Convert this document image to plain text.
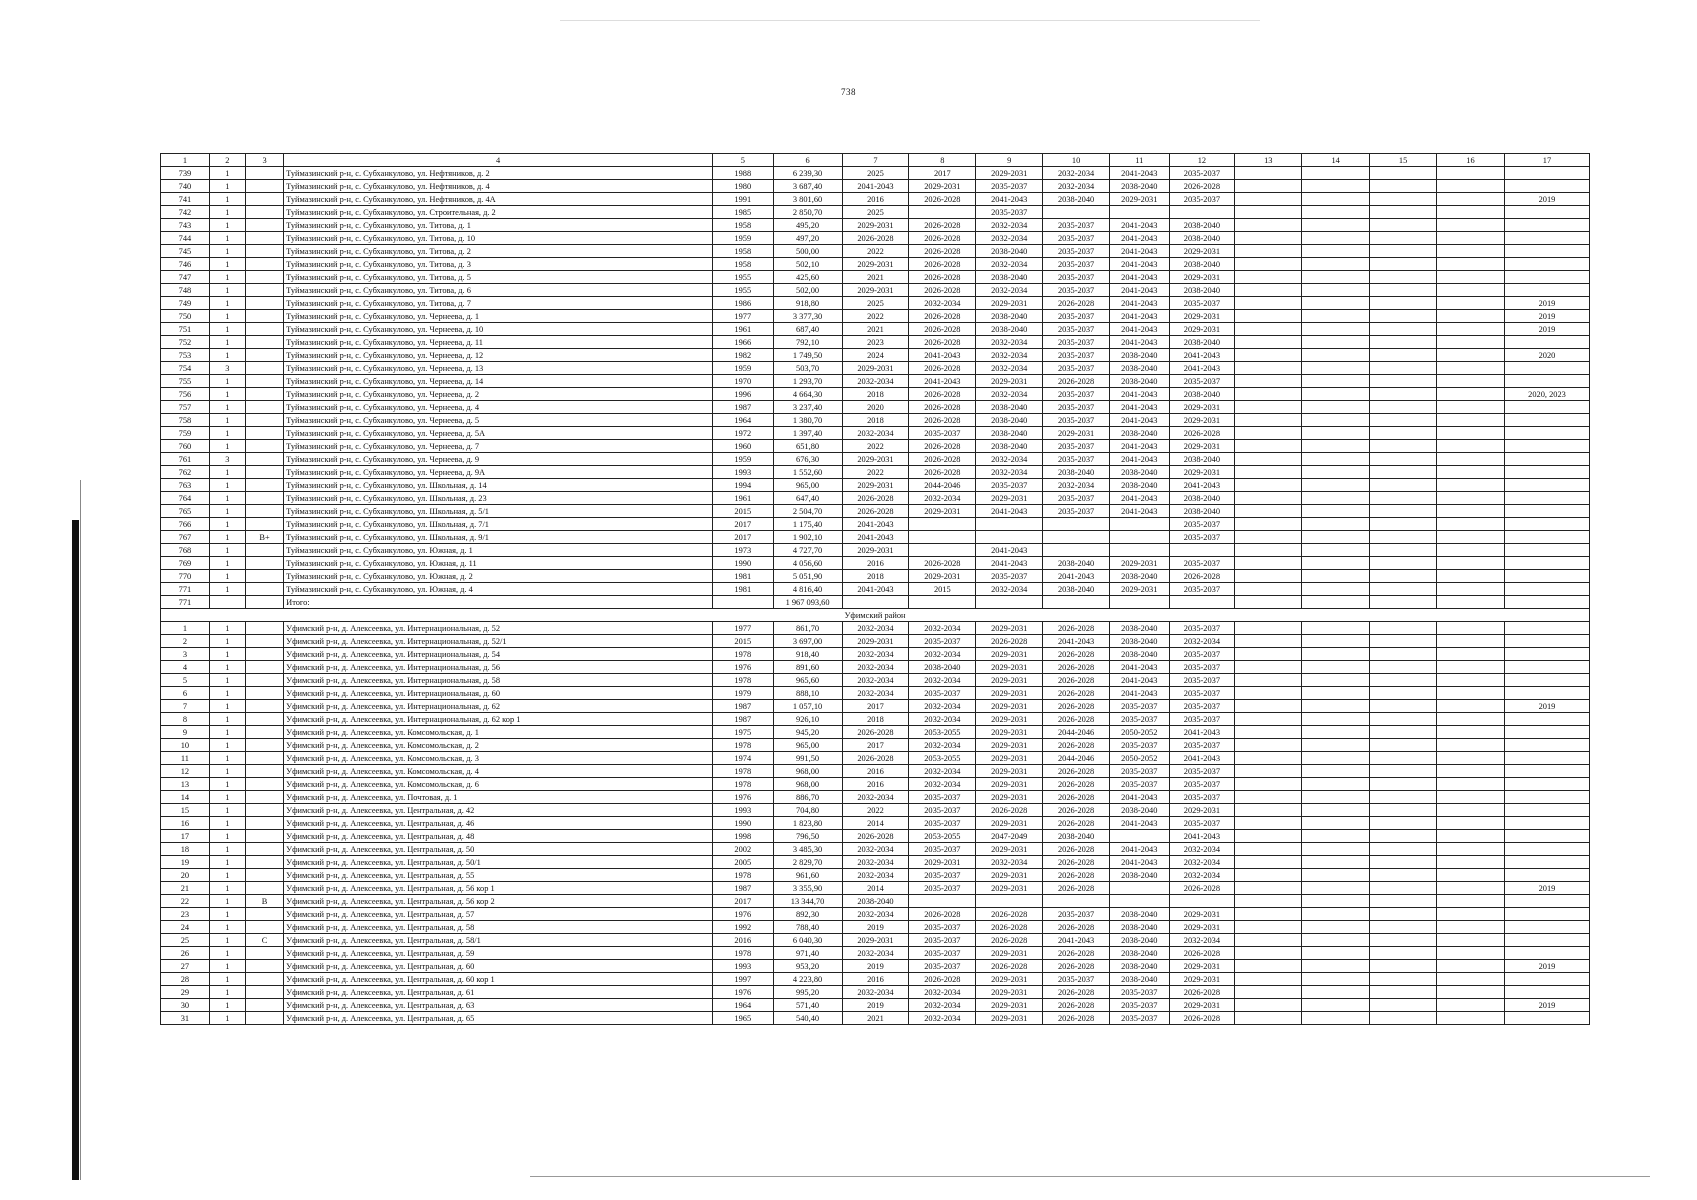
738
1	2	3	4	5	6	7	8	9	10	11	12	13	14	15	16	17
739	1		Туймазинский р-н, с. Субханкулово, ул. Нефтяников, д. 2	1988	6 239,30	2025	2017	2029-2031	2032-2034	2041-2043	2035-2037					
740	1		Туймазинский р-н, с. Субханкулово, ул. Нефтяников, д. 4	1980	3 687,40	2041-2043	2029-2031	2035-2037	2032-2034	2038-2040	2026-2028					
741	1		Туймазинский р-н, с. Субханкулово, ул. Нефтяников, д. 4А	1991	3 801,60	2016	2026-2028	2041-2043	2038-2040	2029-2031	2035-2037					2019
742	1		Туймазинский р-н, с. Субханкулово, ул. Строительная, д. 2	1985	2 850,70	2025		2035-2037								
743	1		Туймазинский р-н, с. Субханкулово, ул. Титова, д. 1	1958	495,20	2029-2031	2026-2028	2032-2034	2035-2037	2041-2043	2038-2040					
744	1		Туймазинский р-н, с. Субханкулово, ул. Титова, д. 10	1959	497,20	2026-2028	2026-2028	2032-2034	2035-2037	2041-2043	2038-2040					
745	1		Туймазинский р-н, с. Субханкулово, ул. Титова, д. 2	1958	500,00	2022	2026-2028	2038-2040	2035-2037	2041-2043	2029-2031					
746	1		Туймазинский р-н, с. Субханкулово, ул. Титова, д. 3	1958	502,10	2029-2031	2026-2028	2032-2034	2035-2037	2041-2043	2038-2040					
747	1		Туймазинский р-н, с. Субханкулово, ул. Титова, д. 5	1955	425,60	2021	2026-2028	2038-2040	2035-2037	2041-2043	2029-2031					
748	1		Туймазинский р-н, с. Субханкулово, ул. Титова, д. 6	1955	502,00	2029-2031	2026-2028	2032-2034	2035-2037	2041-2043	2038-2040					
749	1		Туймазинский р-н, с. Субханкулово, ул. Титова, д. 7	1986	918,80	2025	2032-2034	2029-2031	2026-2028	2041-2043	2035-2037					2019
750	1		Туймазинский р-н, с. Субханкулово, ул. Чернеева, д. 1	1977	3 377,30	2022	2026-2028	2038-2040	2035-2037	2041-2043	2029-2031					2019
751	1		Туймазинский р-н, с. Субханкулово, ул. Чернеева, д. 10	1961	687,40	2021	2026-2028	2038-2040	2035-2037	2041-2043	2029-2031					2019
752	1		Туймазинский р-н, с. Субханкулово, ул. Чернеева, д. 11	1966	792,10	2023	2026-2028	2032-2034	2035-2037	2041-2043	2038-2040					
753	1		Туймазинский р-н, с. Субханкулово, ул. Чернеева, д. 12	1982	1 749,50	2024	2041-2043	2032-2034	2035-2037	2038-2040	2041-2043					2020
754	3		Туймазинский р-н, с. Субханкулово, ул. Чернеева, д. 13	1959	503,70	2029-2031	2026-2028	2032-2034	2035-2037	2038-2040	2041-2043					
755	1		Туймазинский р-н, с. Субханкулово, ул. Чернеева, д. 14	1970	1 293,70	2032-2034	2041-2043	2029-2031	2026-2028	2038-2040	2035-2037					
756	1		Туймазинский р-н, с. Субханкулово, ул. Чернеева, д. 2	1996	4 664,30	2018	2026-2028	2032-2034	2035-2037	2041-2043	2038-2040					2020, 2023
757	1		Туймазинский р-н, с. Субханкулово, ул. Чернеева, д. 4	1987	3 237,40	2020	2026-2028	2038-2040	2035-2037	2041-2043	2029-2031					
758	1		Туймазинский р-н, с. Субханкулово, ул. Чернеева, д. 5	1964	1 380,70	2018	2026-2028	2038-2040	2035-2037	2041-2043	2029-2031					
759	1		Туймазинский р-н, с. Субханкулово, ул. Чернеева, д. 5А	1972	1 397,40	2032-2034	2035-2037	2038-2040	2029-2031	2038-2040	2026-2028					
760	1		Туймазинский р-н, с. Субханкулово, ул. Чернеева, д. 7	1960	651,80	2022	2026-2028	2038-2040	2035-2037	2041-2043	2029-2031					
761	3		Туймазинский р-н, с. Субханкулово, ул. Чернеева, д. 9	1959	676,30	2029-2031	2026-2028	2032-2034	2035-2037	2041-2043	2038-2040					
762	1		Туймазинский р-н, с. Субханкулово, ул. Чернеева, д. 9А	1993	1 552,60	2022	2026-2028	2032-2034	2038-2040	2038-2040	2029-2031					
763	1		Туймазинский р-н, с. Субханкулово, ул. Школьная, д. 14	1994	965,00	2029-2031	2044-2046	2035-2037	2032-2034	2038-2040	2041-2043					
764	1		Туймазинский р-н, с. Субханкулово, ул. Школьная, д. 23	1961	647,40	2026-2028	2032-2034	2029-2031	2035-2037	2041-2043	2038-2040					
765	1		Туймазинский р-н, с. Субханкулово, ул. Школьная, д. 5/1	2015	2 504,70	2026-2028	2029-2031	2041-2043	2035-2037	2041-2043	2038-2040					
766	1		Туймазинский р-н, с. Субханкулово, ул. Школьная, д. 7/1	2017	1 175,40	2041-2043					2035-2037					
767	1	В+	Туймазинский р-н, с. Субханкулово, ул. Школьная, д. 9/1	2017	1 902,10	2041-2043					2035-2037					
768	1		Туймазинский р-н, с. Субханкулово, ул. Южная, д. 1	1973	4 727,70	2029-2031		2041-2043								
769	1		Туймазинский р-н, с. Субханкулово, ул. Южная, д. 11	1990	4 056,60	2016	2026-2028	2041-2043	2038-2040	2029-2031	2035-2037					
770	1		Туймазинский р-н, с. Субханкулово, ул. Южная, д. 2	1981	5 051,90	2018	2029-2031	2035-2037	2041-2043	2038-2040	2026-2028					
771	1		Туймазинский р-н, с. Субханкулово, ул. Южная, д. 4	1981	4 816,40	2041-2043	2015	2032-2034	2038-2040	2029-2031	2035-2037					
771			Итого:		1 967 093,60											
Уфимский район																
1	1		Уфимский р-н, д. Алексеевка, ул. Интернациональная, д. 52	1977	861,70	2032-2034	2032-2034	2029-2031	2026-2028	2038-2040	2035-2037					
2	1		Уфимский р-н, д. Алексеевка, ул. Интернациональная, д. 52/1	2015	3 697,00	2029-2031	2035-2037	2026-2028	2041-2043	2038-2040	2032-2034					
3	1		Уфимский р-н, д. Алексеевка, ул. Интернациональная, д. 54	1978	918,40	2032-2034	2032-2034	2029-2031	2026-2028	2038-2040	2035-2037					
4	1		Уфимский р-н, д. Алексеевка, ул. Интернациональная, д. 56	1976	891,60	2032-2034	2038-2040	2029-2031	2026-2028	2041-2043	2035-2037					
5	1		Уфимский р-н, д. Алексеевка, ул. Интернациональная, д. 58	1978	965,60	2032-2034	2032-2034	2029-2031	2026-2028	2041-2043	2035-2037					
6	1		Уфимский р-н, д. Алексеевка, ул. Интернациональная, д. 60	1979	888,10	2032-2034	2035-2037	2029-2031	2026-2028	2041-2043	2035-2037					
7	1		Уфимский р-н, д. Алексеевка, ул. Интернациональная, д. 62	1987	1 057,10	2017	2032-2034	2029-2031	2026-2028	2035-2037	2035-2037					2019
8	1		Уфимский р-н, д. Алексеевка, ул. Интернациональная, д. 62 кор 1	1987	926,10	2018	2032-2034	2029-2031	2026-2028	2035-2037	2035-2037					
9	1		Уфимский р-н, д. Алексеевка, ул. Комсомольская, д. 1	1975	945,20	2026-2028	2053-2055	2029-2031	2044-2046	2050-2052	2041-2043					
10	1		Уфимский р-н, д. Алексеевка, ул. Комсомольская, д. 2	1978	965,00	2017	2032-2034	2029-2031	2026-2028	2035-2037	2035-2037					
11	1		Уфимский р-н, д. Алексеевка, ул. Комсомольская, д. 3	1974	991,50	2026-2028	2053-2055	2029-2031	2044-2046	2050-2052	2041-2043					
12	1		Уфимский р-н, д. Алексеевка, ул. Комсомольская, д. 4	1978	968,00	2016	2032-2034	2029-2031	2026-2028	2035-2037	2035-2037					
13	1		Уфимский р-н, д. Алексеевка, ул. Комсомольская, д. 6	1978	968,00	2016	2032-2034	2029-2031	2026-2028	2035-2037	2035-2037					
14	1		Уфимский р-н, д. Алексеевка, ул. Почтовая, д. 1	1976	886,70	2032-2034	2035-2037	2029-2031	2026-2028	2041-2043	2035-2037					
15	1		Уфимский р-н, д. Алексеевка, ул. Центральная, д. 42	1993	704,80	2022	2035-2037	2026-2028	2026-2028	2038-2040	2029-2031					
16	1		Уфимский р-н, д. Алексеевка, ул. Центральная, д. 46	1990	1 823,80	2014	2035-2037	2029-2031	2026-2028	2041-2043	2035-2037					
17	1		Уфимский р-н, д. Алексеевка, ул. Центральная, д. 48	1998	796,50	2026-2028	2053-2055	2047-2049	2038-2040		2041-2043					
18	1		Уфимский р-н, д. Алексеевка, ул. Центральная, д. 50	2002	3 485,30	2032-2034	2035-2037	2029-2031	2026-2028	2041-2043	2032-2034					
19	1		Уфимский р-н, д. Алексеевка, ул. Центральная, д. 50/1	2005	2 829,70	2032-2034	2029-2031	2032-2034	2026-2028	2041-2043	2032-2034					
20	1		Уфимский р-н, д. Алексеевка, ул. Центральная, д. 55	1978	961,60	2032-2034	2035-2037	2029-2031	2026-2028	2038-2040	2032-2034					
21	1		Уфимский р-н, д. Алексеевка, ул. Центральная, д. 56 кор 1	1987	3 355,90	2014	2035-2037	2029-2031	2026-2028		2026-2028					2019
22	1	В	Уфимский р-н, д. Алексеевка, ул. Центральная, д. 56 кор 2	2017	13 344,70	2038-2040										
23	1		Уфимский р-н, д. Алексеевка, ул. Центральная, д. 57	1976	892,30	2032-2034	2026-2028	2026-2028	2035-2037	2038-2040	2029-2031					
24	1		Уфимский р-н, д. Алексеевка, ул. Центральная, д. 58	1992	788,40	2019	2035-2037	2026-2028	2026-2028	2038-2040	2029-2031					
25	1	С	Уфимский р-н, д. Алексеевка, ул. Центральная, д. 58/1	2016	6 040,30	2029-2031	2035-2037	2026-2028	2041-2043	2038-2040	2032-2034					
26	1		Уфимский р-н, д. Алексеевка, ул. Центральная, д. 59	1978	971,40	2032-2034	2035-2037	2029-2031	2026-2028	2038-2040	2026-2028					
27	1		Уфимский р-н, д. Алексеевка, ул. Центральная, д. 60	1993	953,20	2019	2035-2037	2026-2028	2026-2028	2038-2040	2029-2031					2019
28	1		Уфимский р-н, д. Алексеевка, ул. Центральная, д. 60 кор 1	1997	4 223,80	2016	2026-2028	2029-2031	2035-2037	2038-2040	2029-2031					
29	1		Уфимский р-н, д. Алексеевка, ул. Центральная, д. 61	1976	995,20	2032-2034	2032-2034	2029-2031	2026-2028	2035-2037	2026-2028					
30	1		Уфимский р-н, д. Алексеевка, ул. Центральная, д. 63	1964	571,40	2019	2032-2034	2029-2031	2026-2028	2035-2037	2029-2031					2019
31	1		Уфимский р-н, д. Алексеевка, ул. Центральная, д. 65	1965	540,40	2021	2032-2034	2029-2031	2026-2028	2035-2037	2026-2028					
